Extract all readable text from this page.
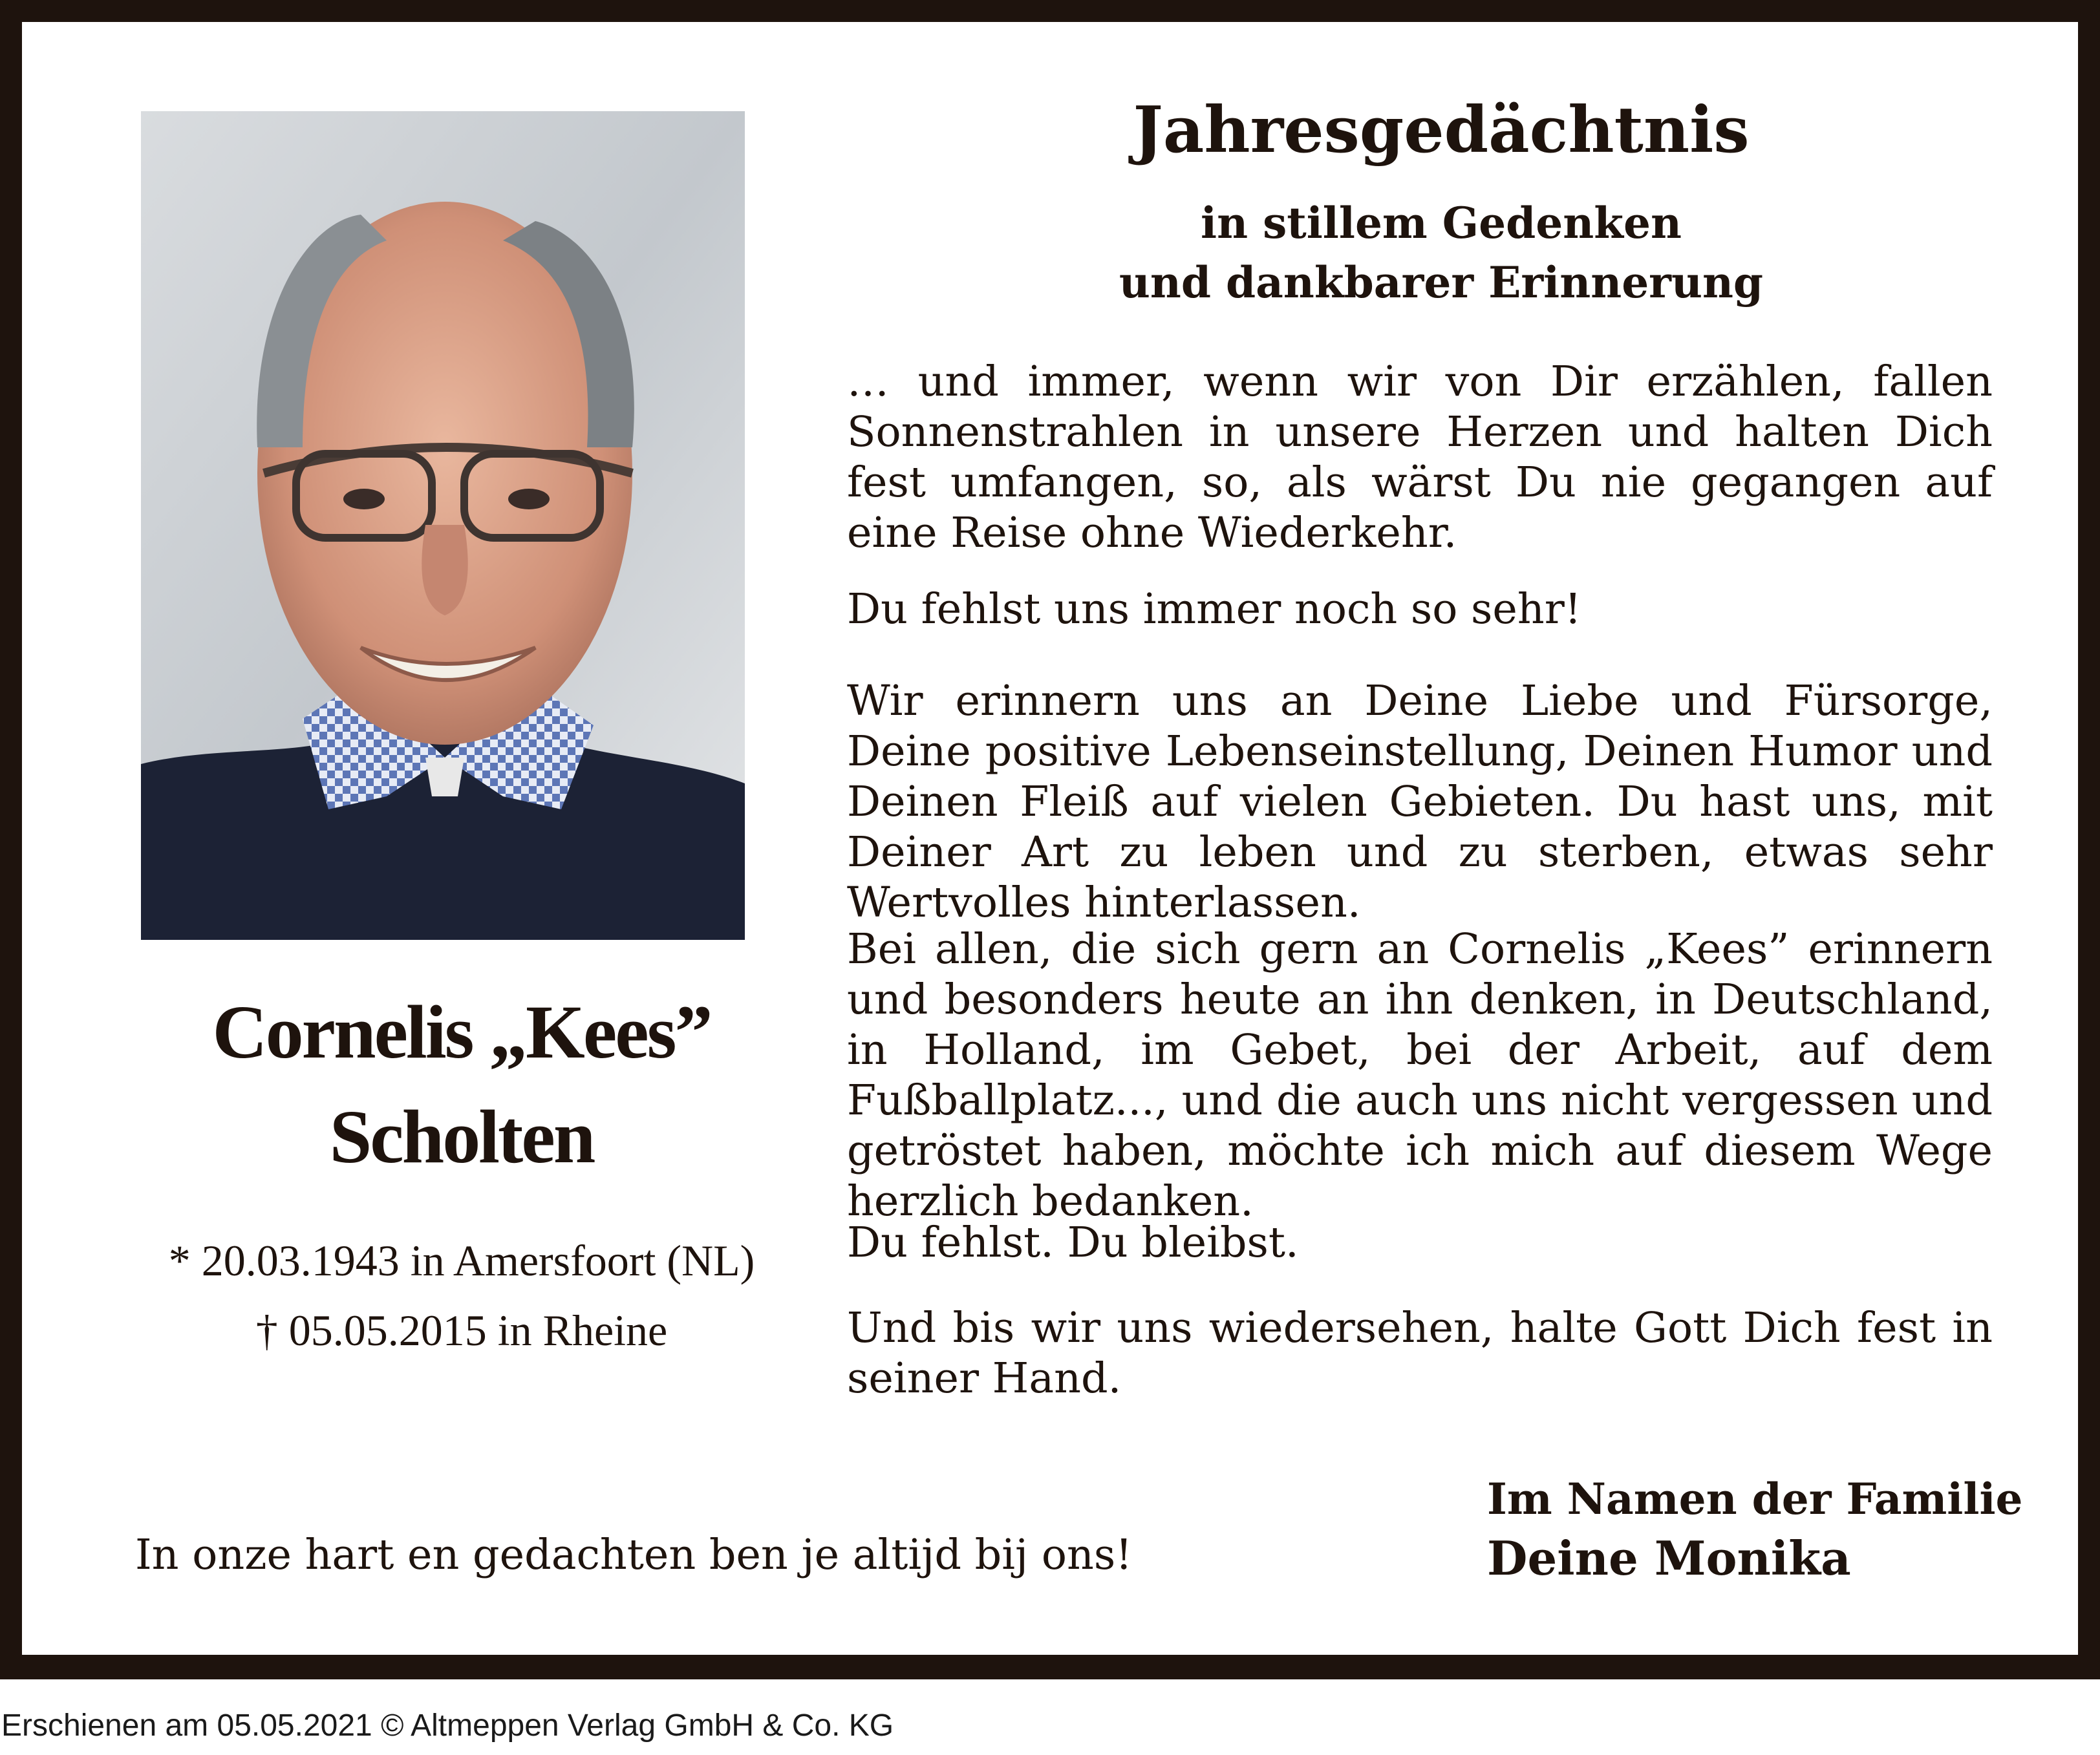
Cornelis „Kees”
Scholten
* 20.03.1943 in Amersfoort (NL)
† 05.05.2015 in Rheine
In onze hart en gedachten ben je altijd bij ons!
Jahresgedächtnis
in stillem Gedenken
und dankbarer Erinnerung
… und immer, wenn wir von Dir erzählen, fallen Sonnenstrahlen in unsere Herzen und halten Dich fest umfangen, so, als wärst Du nie gegangen auf eine Reise ohne Wiederkehr.
Du fehlst uns immer noch so sehr!
Wir erinnern uns an Deine Liebe und Fürsorge, Deine positive Lebenseinstellung, Deinen Humor und Deinen Fleiß auf vielen Gebieten. Du hast uns, mit Deiner Art zu leben und zu sterben, etwas sehr Wertvolles hinterlassen.
Bei allen, die sich gern an Cornelis „Kees” erinnern und besonders heute an ihn denken, in Deutschland, in Holland, im Gebet, bei der Arbeit, auf dem Fußballplatz..., und die auch uns nicht vergessen und getröstet haben, möchte ich mich auf diesem Wege herzlich bedanken.
Du fehlst. Du bleibst.
Und bis wir uns wiedersehen, halte Gott Dich fest in seiner Hand.
Im Namen der Familie
Deine Monika
Erschienen am 05.05.2021 © Altmeppen Verlag GmbH & Co. KG
